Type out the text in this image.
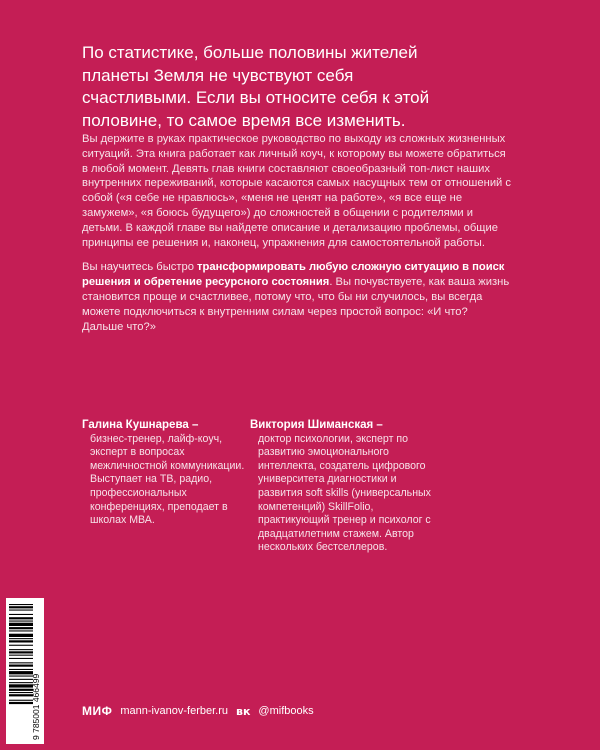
По статистике, больше половины жителей

планеты Земля не чувствуют себя

счастливыми. Если вы относите себя к этой

половине, то самое время все изменить.

Вы держите в руках практическое руководство по выходу из сложных жизненных ситуаций. Эта книга работает как личный коуч, к которому вы можете обратиться в любой момент. Девять глав книги составляют своеобразный топ-лист наших внутренних переживаний, которые касаются самых насущных тем от отношений с собой («я себе не нравлюсь», «меня не ценят на работе», «я все еще не замужем», «я боюсь будущего») до сложностей в общении с родителями и детьми. В каждой главе вы найдете описание и детализацию проблемы, общие принципы ее решения и, наконец, упражнения для самостоятельной работы.

Вы научитесь быстро трансформировать любую сложную ситуацию в поиск решения и обретение ресурсного состояния. Вы почувствуете, как ваша жизнь становится проще и счастливее, потому что, что бы ни случилось, вы всегда можете подключиться к внутренним силам через простой вопрос: «И что? Дальше что?»

Галина Кушнарева –
бизнес-тренер, лайф-коуч, эксперт в вопросах межличностной коммуникации. Выступает на ТВ, радио, профессиональных конференциях, преподает в школах МВА.
Виктория Шиманская –
доктор психологии, эксперт по развитию эмоционального интеллекта, создатель цифрового университета диагностики и развития soft skills (универсальных компетенций) SkillFolio, практикующий тренер и психолог с двадцатилетним стажем. Автор нескольких бестселлеров.
9 785001 466499	МИФ mann-ivanov-ferber.ru вк @mifbooks
